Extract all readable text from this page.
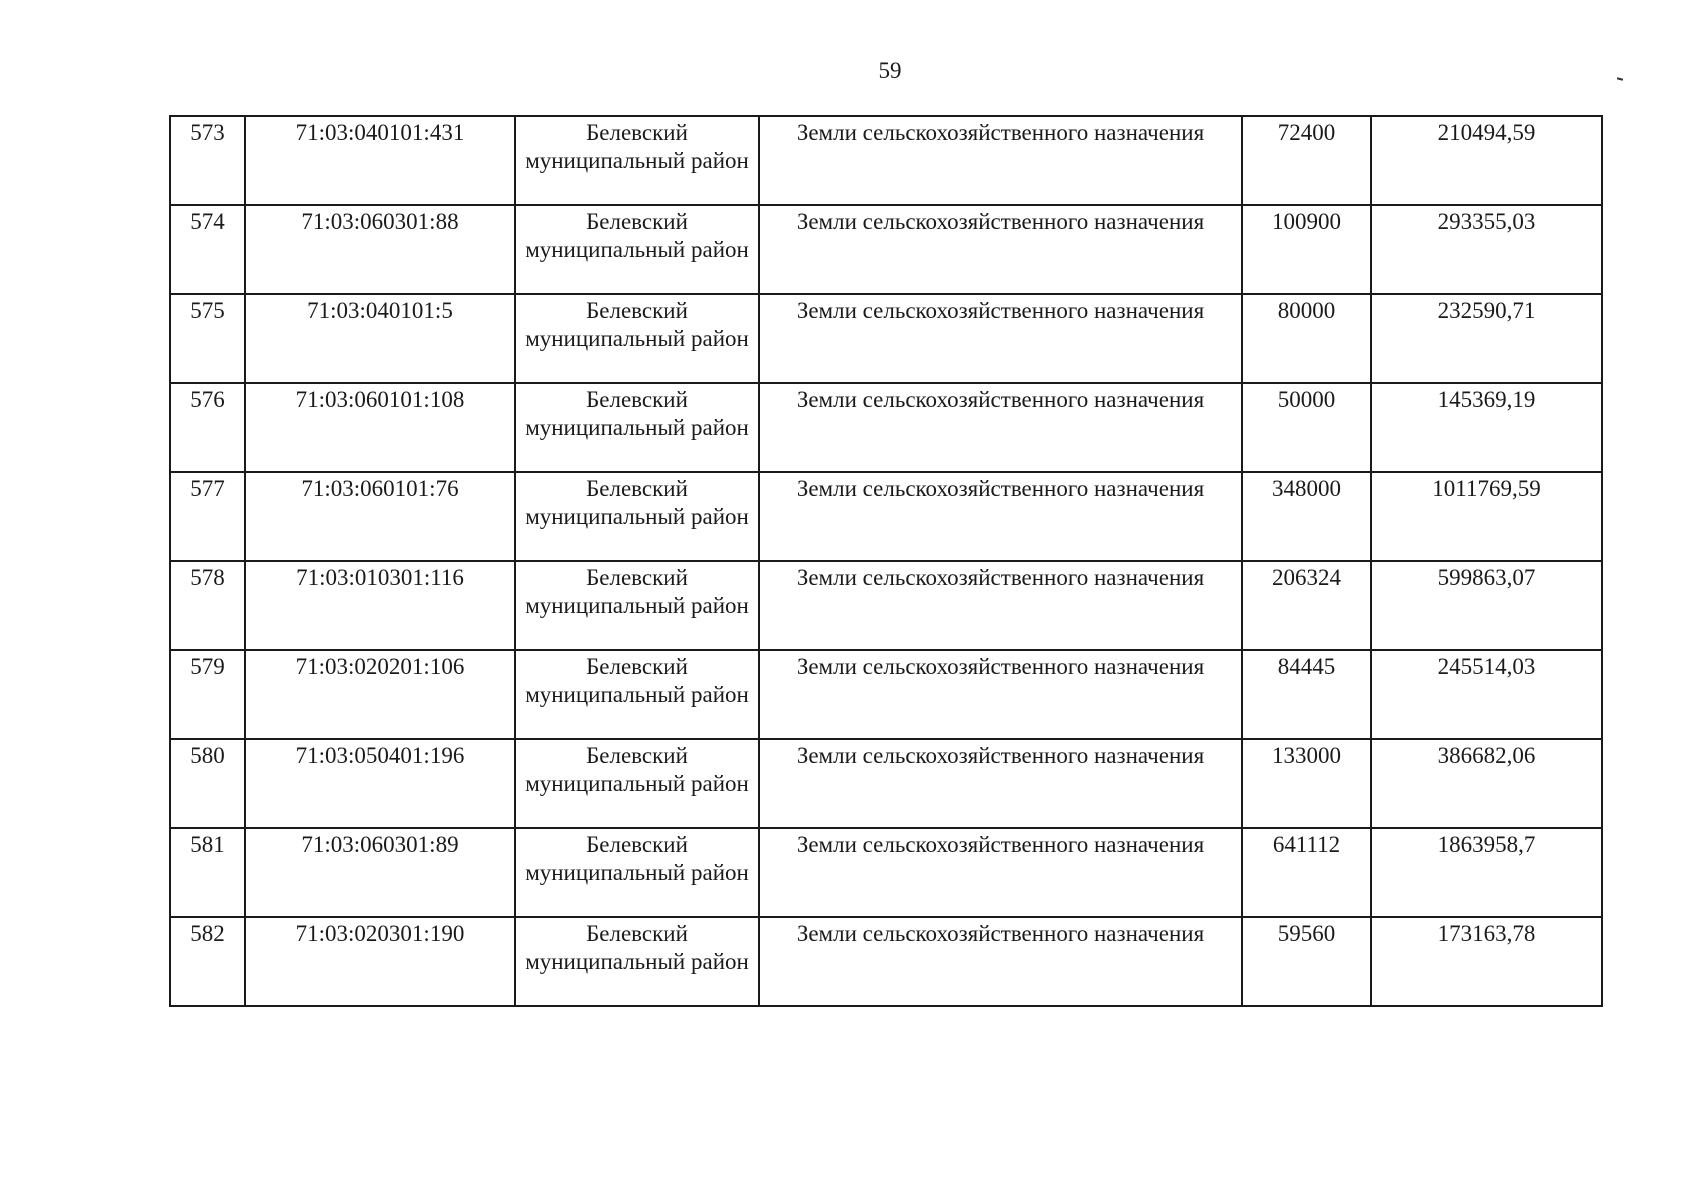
59
573	71:03:040101:431	Белевский муниципальный район	Земли сельскохозяйственного назначения	72400	210494,59
574	71:03:060301:88	Белевский муниципальный район	Земли сельскохозяйственного назначения	100900	293355,03
575	71:03:040101:5	Белевский муниципальный район	Земли сельскохозяйственного назначения	80000	232590,71
576	71:03:060101:108	Белевский муниципальный район	Земли сельскохозяйственного назначения	50000	145369,19
577	71:03:060101:76	Белевский муниципальный район	Земли сельскохозяйственного назначения	348000	1011769,59
578	71:03:010301:116	Белевский муниципальный район	Земли сельскохозяйственного назначения	206324	599863,07
579	71:03:020201:106	Белевский муниципальный район	Земли сельскохозяйственного назначения	84445	245514,03
580	71:03:050401:196	Белевский муниципальный район	Земли сельскохозяйственного назначения	133000	386682,06
581	71:03:060301:89	Белевский муниципальный район	Земли сельскохозяйственного назначения	641112	1863958,7
582	71:03:020301:190	Белевский муниципальный район	Земли сельскохозяйственного назначения	59560	173163,78
